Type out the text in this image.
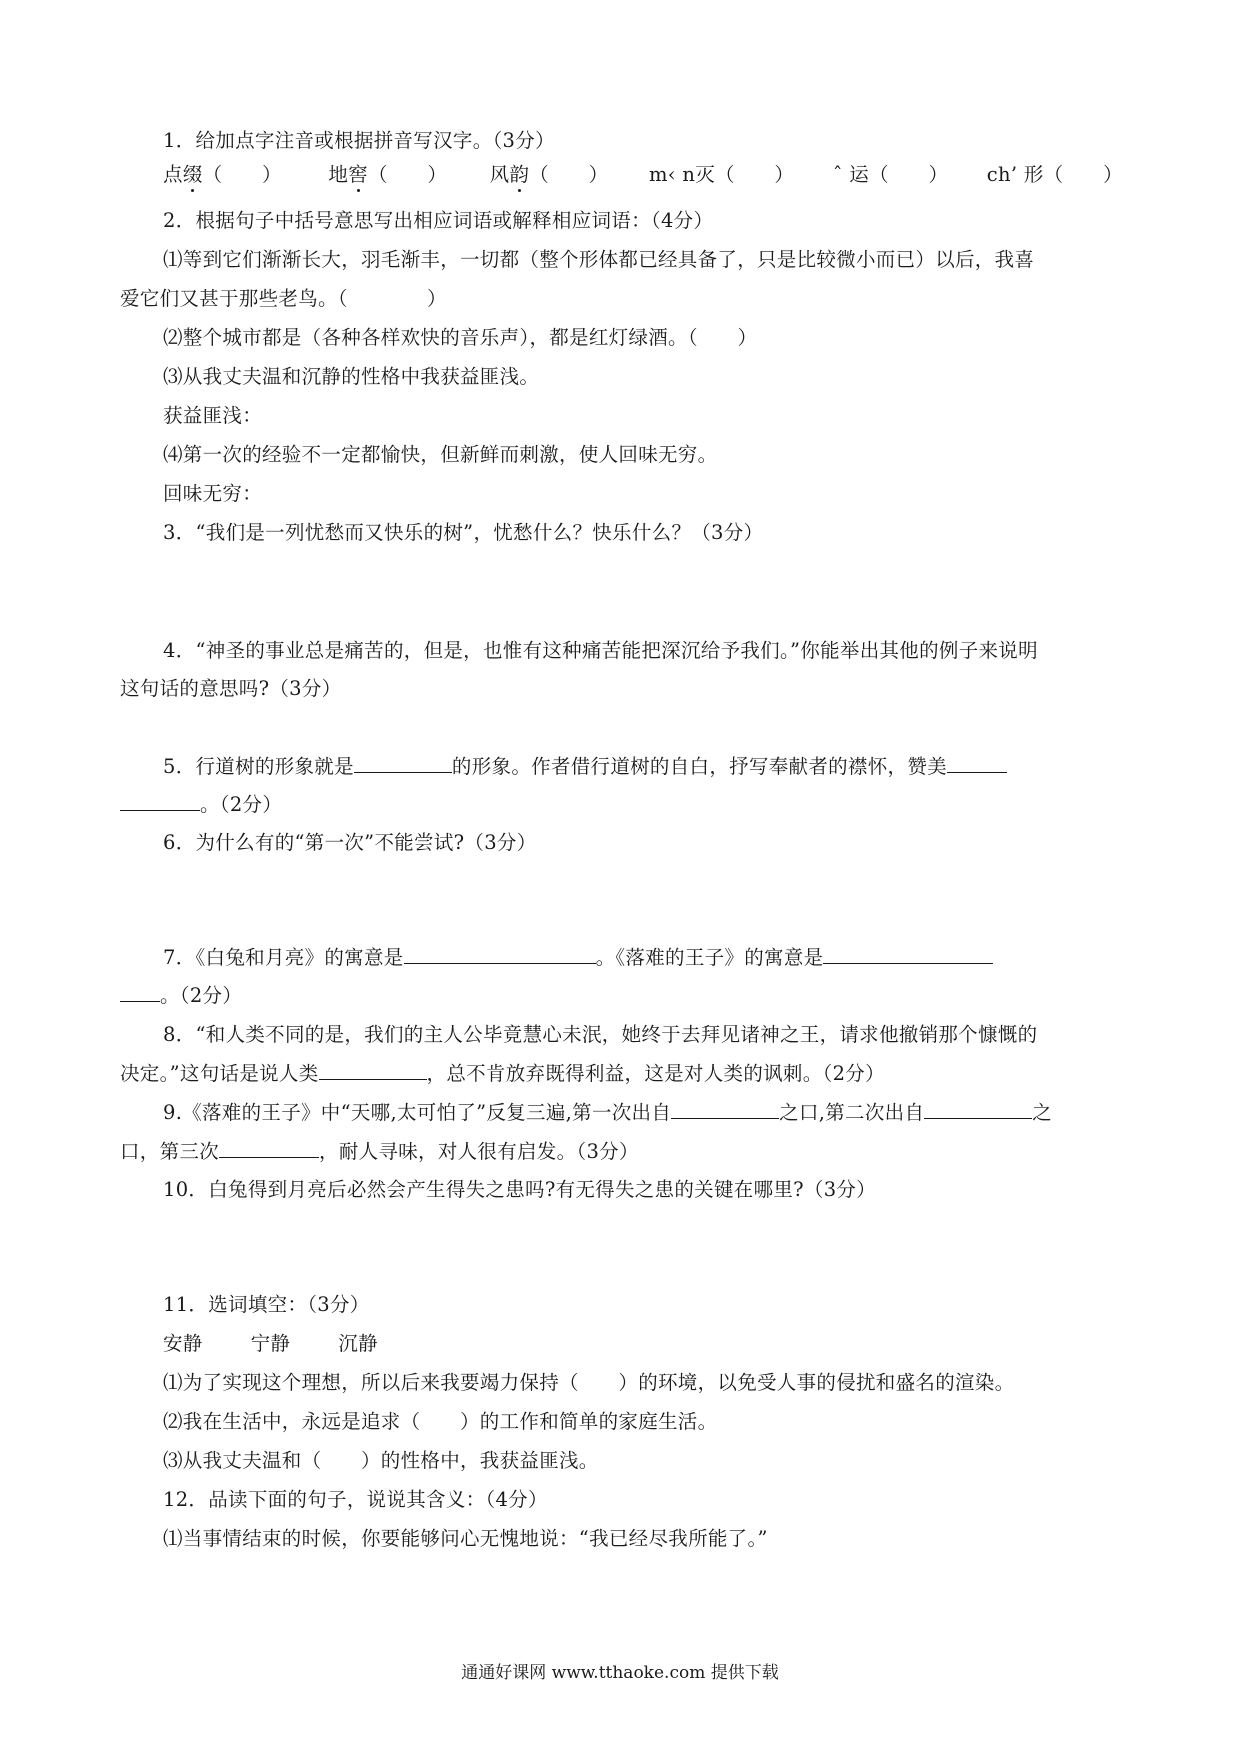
1．给加点字注音或根据拼音写汉字。（3分）
点缀（　　） 地窖（　　） 风韵（　　） m‹ n灭（　　） ˆ 运（　　） ch’ 形（　　）
2．根据句子中括号意思写出相应词语或解释相应词语：（4分）
⑴等到它们渐渐长大，羽毛渐丰，一切都（整个形体都已经具备了，只是比较微小而已）以后，我喜
爱它们又甚于那些老鸟。（　　　　）
⑵整个城市都是（各种各样欢快的音乐声），都是红灯绿酒。（　　）
⑶从我丈夫温和沉静的性格中我获益匪浅。
获益匪浅：
⑷第一次的经验不一定都愉快，但新鲜而刺激，使人回味无穷。
回味无穷：
3．“我们是一列忧愁而又快乐的树”，忧愁什么？快乐什么？（3分）
4．“神圣的事业总是痛苦的，但是，也惟有这种痛苦能把深沉给予我们。”你能举出其他的例子来说明
这句话的意思吗?（3分）
5．行道树的形象就是	的形象。作者借行道树的自白，抒写奉献者的襟怀，赞美
。（2分）
6．为什么有的“第一次”不能尝试?（3分）
7．《白兔和月亮》的寓意是	。《落难的王子》的寓意是
。（2分）
8．“和人类不同的是，我们的主人公毕竟慧心未泯，她终于去拜见诸神之王，请求他撤销那个慷慨的
决定。”这句话是说人类	，总不肯放弃既得利益，这是对人类的讽刺。（2分）
9.《落难的王子》中“天哪,太可怕了”反复三遍,第一次出自	之口,第二次出自	之
口，第三次	，耐人寻味，对人很有启发。（3分）
10．白兔得到月亮后必然会产生得失之患吗?有无得失之患的关键在哪里?（3分）
11．选词填空：（3分）
安静 宁静 沉静
⑴为了实现这个理想，所以后来我要竭力保持（　　）的环境，以免受人事的侵扰和盛名的渲染。
⑵我在生活中，永远是追求（　　）的工作和简单的家庭生活。
⑶从我丈夫温和（　　）的性格中，我获益匪浅。
12．品读下面的句子，说说其含义：（4分）
⑴当事情结束的时候，你要能够问心无愧地说：“我已经尽我所能了。”
通通好课网 www.tthaoke.com 提供下载
